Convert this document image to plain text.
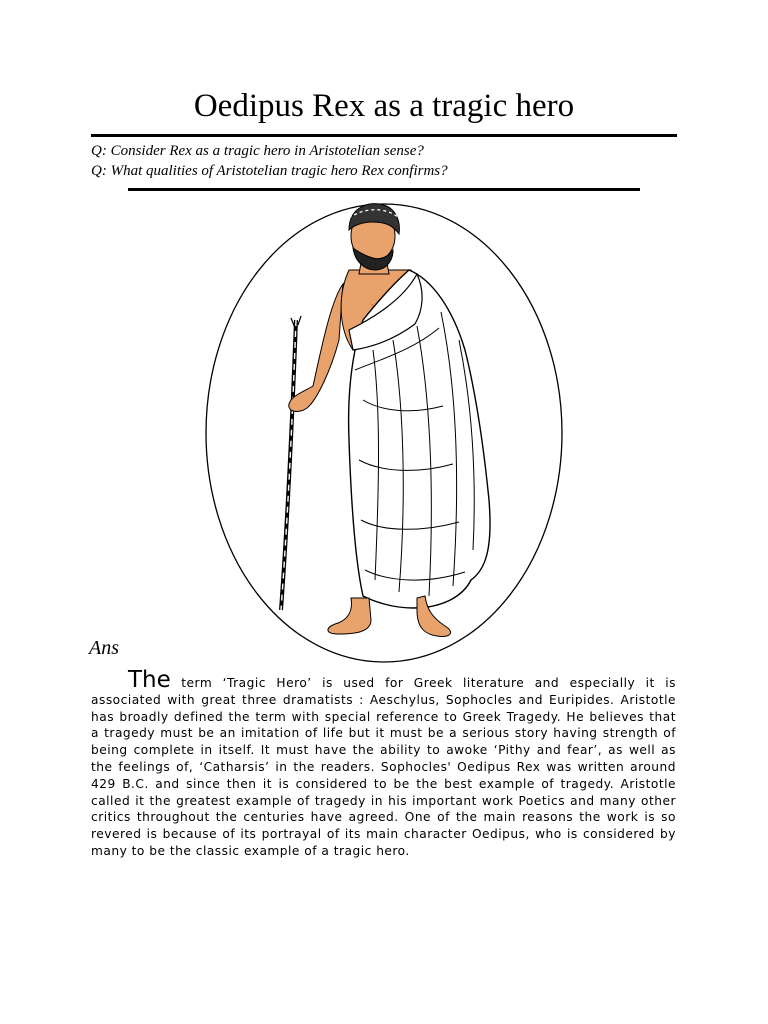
Oedipus Rex as a tragic hero
Q: Consider Rex as a tragic hero in Aristotelian sense?
Q: What qualities of Aristotelian tragic hero Rex confirms?
Ans

The term ‘Tragic Hero’ is used for Greek literature and especially it is associated with great three dramatists : Aeschylus, Sophocles and Euripides. Aristotle has broadly defined the term with special reference to Greek Tragedy. He believes that a tragedy must be an imitation of life but it must be a serious story having strength of being complete in itself. It must have the ability to awoke ‘Pithy and fear’, as well as the feelings of, ‘Catharsis’ in the readers. Sophocles' Oedipus Rex was written around 429 B.C. and since then it is considered to be the best example of tragedy. Aristotle called it the greatest example of tragedy in his important work Poetics and many other critics throughout the centuries have agreed. One of the main reasons the work is so revered is because of its portrayal of its main character Oedipus, who is considered by many to be the classic example of a tragic hero.
